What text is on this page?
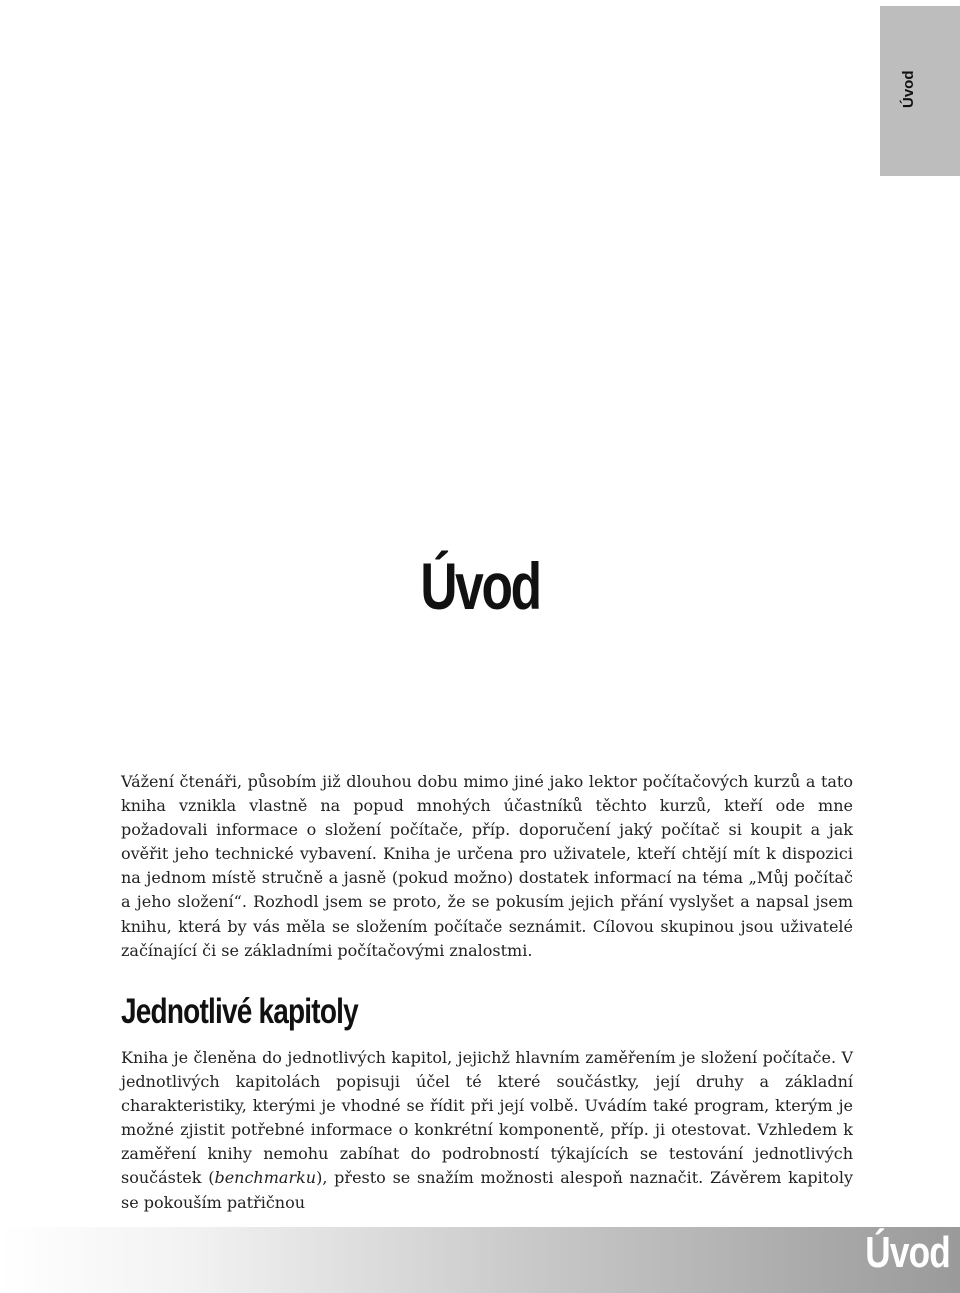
Úvod
Úvod

Vážení čtenáři, působím již dlouhou dobu mimo jiné jako lektor počítačových kurzů a tato kniha vznikla vlastně na popud mnohých účastníků těchto kurzů, kteří ode mne požadovali informace o složení počítače, příp. doporučení jaký počítač si koupit a jak ověřit jeho technické vybavení. Kniha je určena pro uživatele, kteří chtějí mít k dispozici na jednom místě stručně a jasně (pokud možno) dostatek informací na téma „Můj počítač a jeho složení“. Rozhodl jsem se proto, že se pokusím jejich přání vyslyšet a napsal jsem knihu, která by vás měla se složením počítače seznámit. Cílovou skupinou jsou uživatelé začínající či se základními počítačovými znalostmi.

Jednotlivé kapitoly

Kniha je členěna do jednotlivých kapitol, jejichž hlavním zaměřením je složení počítače. V jednotlivých kapitolách popisuji účel té které součástky, její druhy a základní charakteristiky, kterými je vhodné se řídit při její volbě. Uvádím také program, kterým je možné zjistit potřebné informace o konkrétní komponentě, příp. ji otestovat. Vzhledem k zaměření knihy nemohu zabíhat do podrobností týkajících se testování jednotlivých součástek (benchmarku), přesto se snažím možnosti alespoň naznačit. Závěrem kapitoly se pokouším patřičnou

Úvod
